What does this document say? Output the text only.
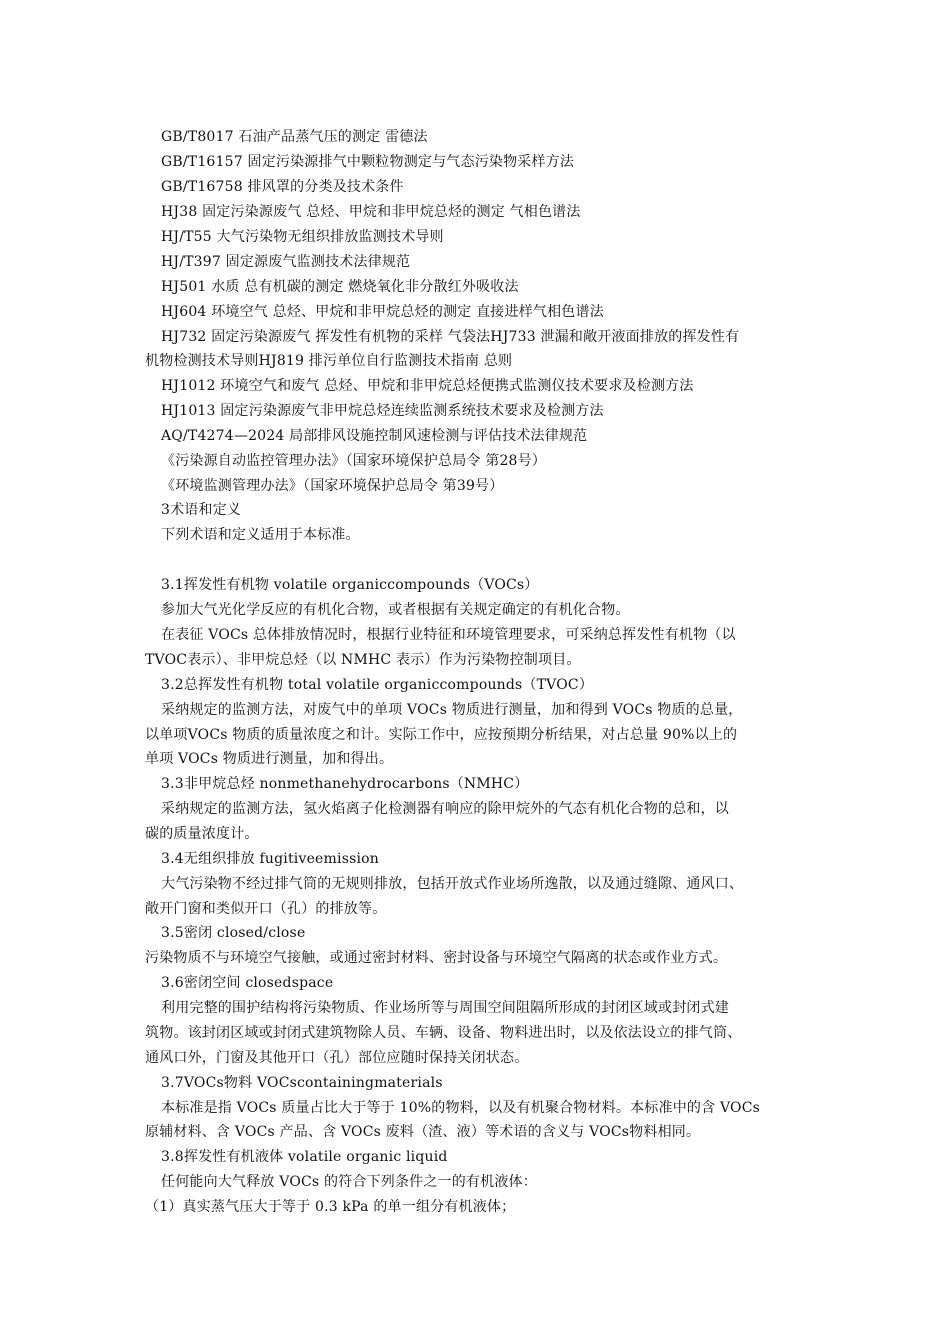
GB/T8017 石油产品蒸气压的测定 雷德法
GB/T16157 固定污染源排气中颗粒物测定与气态污染物采样方法
GB/T16758 排风罩的分类及技术条件
HJ38 固定污染源废气 总烃、甲烷和非甲烷总烃的测定 气相色谱法
HJ/T55 大气污染物无组织排放监测技术导则
HJ/T397 固定源废气监测技术法律规范
HJ501 水质 总有机碳的测定 燃烧氧化非分散红外吸收法
HJ604 环境空气 总烃、甲烷和非甲烷总烃的测定 直接进样气相色谱法
HJ732 固定污染源废气 挥发性有机物的采样 气袋法HJ733 泄漏和敞开液面排放的挥发性有
机物检测技术导则HJ819 排污单位自行监测技术指南 总则
HJ1012 环境空气和废气 总烃、甲烷和非甲烷总烃便携式监测仪技术要求及检测方法
HJ1013 固定污染源废气非甲烷总烃连续监测系统技术要求及检测方法
AQ/T4274—2024 局部排风设施控制风速检测与评估技术法律规范
《污染源自动监控管理办法》（国家环境保护总局令 第28号）
《环境监测管理办法》（国家环境保护总局令 第39号）
3术语和定义
下列术语和定义适用于本标准。
3.1挥发性有机物 volatile organiccompounds（VOCs）
参加大气光化学反应的有机化合物，或者根据有关规定确定的有机化合物。
在表征 VOCs 总体排放情况时，根据行业特征和环境管理要求，可采纳总挥发性有机物（以
TVOC表示）、非甲烷总烃（以 NMHC 表示）作为污染物控制项目。
3.2总挥发性有机物 total volatile organiccompounds（TVOC）
采纳规定的监测方法，对废气中的单项 VOCs 物质进行测量，加和得到 VOCs 物质的总量，
以单项VOCs 物质的质量浓度之和计。实际工作中，应按预期分析结果，对占总量 90%以上的
单项 VOCs 物质进行测量，加和得出。
3.3非甲烷总烃 nonmethanehydrocarbons（NMHC）
采纳规定的监测方法，氢火焰离子化检测器有响应的除甲烷外的气态有机化合物的总和，以
碳的质量浓度计。
3.4无组织排放 fugitiveemission
大气污染物不经过排气筒的无规则排放，包括开放式作业场所逸散，以及通过缝隙、通风口、
敞开门窗和类似开口（孔）的排放等。
3.5密闭 closed/close
污染物质不与环境空气接触，或通过密封材料、密封设备与环境空气隔离的状态或作业方式。
3.6密闭空间 closedspace
利用完整的围护结构将污染物质、作业场所等与周围空间阻隔所形成的封闭区域或封闭式建
筑物。该封闭区域或封闭式建筑物除人员、车辆、设备、物料进出时，以及依法设立的排气筒、
通风口外，门窗及其他开口（孔）部位应随时保持关闭状态。
3.7VOCs物料 VOCscontainingmaterials
本标准是指 VOCs 质量占比大于等于 10%的物料，以及有机聚合物材料。本标准中的含 VOCs
原辅材料、含 VOCs 产品、含 VOCs 废料（渣、液）等术语的含义与 VOCs物料相同。
3.8挥发性有机液体 volatile organic liquid
任何能向大气释放 VOCs 的符合下列条件之一的有机液体：
（1）真实蒸气压大于等于 0.3 kPa 的单一组分有机液体；
